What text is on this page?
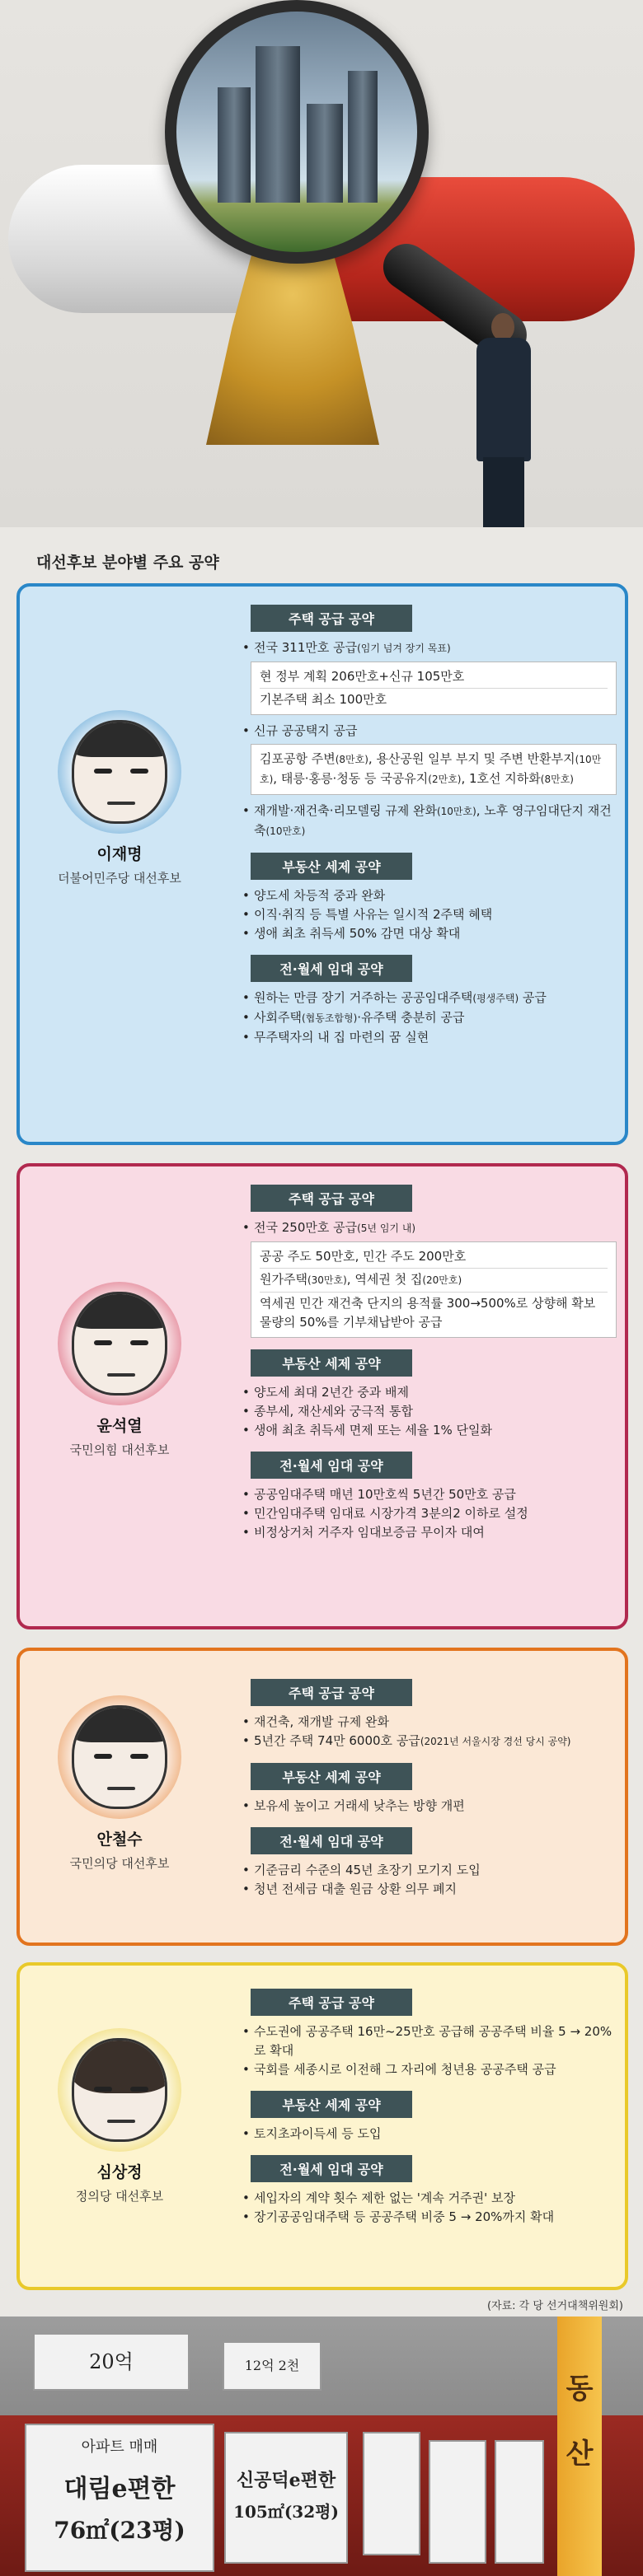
대선후보 분야별 주요 공약
이재명
더불어민주당 대선후보
주택 공급 공약
• 전국 311만호 공급(임기 넘겨 장기 목표)
현 정부 계획 206만호+신규 105만호
기본주택 최소 100만호
• 신규 공공택지 공급
김포공항 주변(8만호), 용산공원 일부 부지 및 주변 반환부지(10만호), 태릉·홍릉·청동 등 국공유지(2만호), 1호선 지하화(8만호)
• 재개발·재건축·리모델링 규제 완화(10만호), 노후 영구임대단지 재건축(10만호)
부동산 세제 공약
• 양도세 차등적 중과 완화
• 이직·취직 등 특별 사유는 일시적 2주택 혜택
• 생애 최초 취득세 50% 감면 대상 확대
전·월세 임대 공약
• 원하는 만큼 장기 거주하는 공공임대주택(평생주택) 공급
• 사회주택(협동조합형)·유주택 충분히 공급
• 무주택자의 내 집 마련의 꿈 실현
윤석열
국민의힘 대선후보
주택 공급 공약
• 전국 250만호 공급(5년 임기 내)
공공 주도 50만호, 민간 주도 200만호
원가주택(30만호), 역세권 첫 집(20만호)
역세권 민간 재건축 단지의 용적률 300→500%로 상향해 확보 물량의 50%를 기부채납받아 공급
부동산 세제 공약
• 양도세 최대 2년간 중과 배제
• 종부세, 재산세와 궁극적 통합
• 생애 최초 취득세 면제 또는 세율 1% 단일화
전·월세 임대 공약
• 공공임대주택 매년 10만호씩 5년간 50만호 공급
• 민간임대주택 임대료 시장가격 3분의2 이하로 설정
• 비정상거처 거주자 임대보증금 무이자 대여
안철수
국민의당 대선후보
주택 공급 공약
• 재건축, 재개발 규제 완화
• 5년간 주택 74만 6000호 공급(2021년 서울시장 경선 당시 공약)
부동산 세제 공약
• 보유세 높이고 거래세 낮추는 방향 개편
전·월세 임대 공약
• 기준금리 수준의 45년 초장기 모기지 도입
• 청년 전세금 대출 원금 상환 의무 폐지
심상정
정의당 대선후보
주택 공급 공약
• 수도권에 공공주택 16만~25만호 공급해 공공주택 비율 5 → 20%로 확대
• 국회를 세종시로 이전해 그 자리에 청년용 공공주택 공급
부동산 세제 공약
• 토지초과이득세 등 도입
전·월세 임대 공약
• 세입자의 계약 횟수 제한 없는 '계속 거주권' 보장
• 장기공공임대주택 등 공공주택 비중 5 → 20%까지 확대
(자료: 각 당 선거대책위원회)
20억	12억 2천
아파트 매매
대림e편한
76㎡(23평)
신공덕e편한
105㎡(32평)
동
산
